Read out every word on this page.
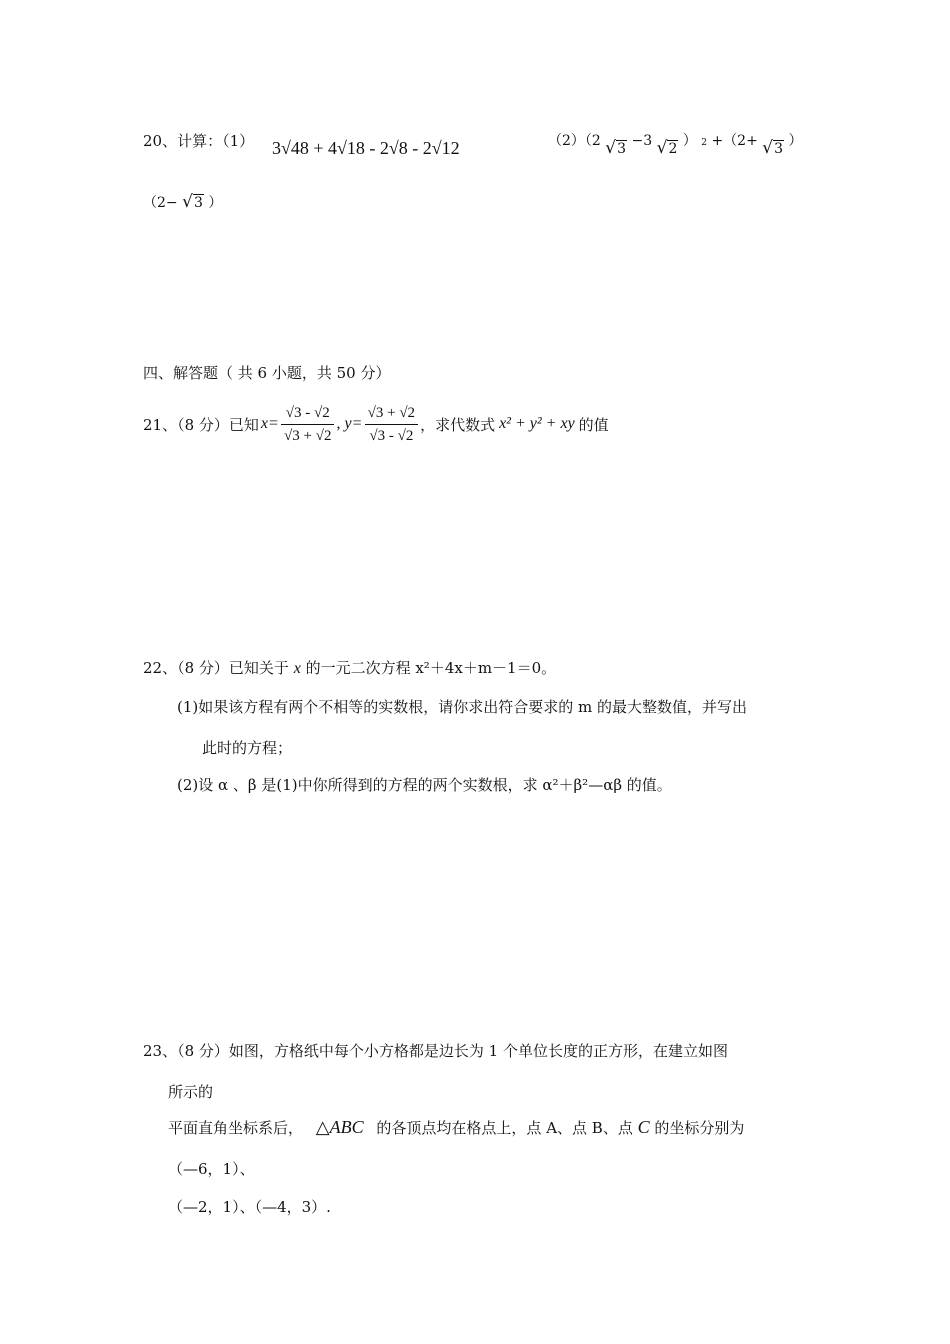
20、计算：（1） 3√48 + 4√18 - 2√8 - 2√12	（2）（2 √3 −3 √2 ） $^2$ +（2+ √3 ）
（2− √3 ）
四、解答题（ 共 6 小题，共 50 分）
21、（8 分）已知 $x = \frac{√3 - √2}{√3 + √2}$ , $y = \frac{√3 + √2}{√3 - √2}$ ，求代数式 x² + y² + xy 的值
22、（8 分）已知关于 x 的一元二次方程 x²＋4x＋m－1＝0。
(1)如果该方程有两个不相等的实数根，请你求出符合要求的 m 的最大整数值，并写出
此时的方程；
(2)设 α 、β 是(1)中你所得到的方程的两个实数根，求 α²＋β²—αβ 的值。
23、（8 分）如图，方格纸中每个小方格都是边长为 1 个单位长度的正方形，在建立如图
所示的
平面直角坐标系后， △ABC 的各顶点均在格点上，点 A、点 B、点 C 的坐标分别为
（—6，1）、
（—2，1）、（—4，3）.
